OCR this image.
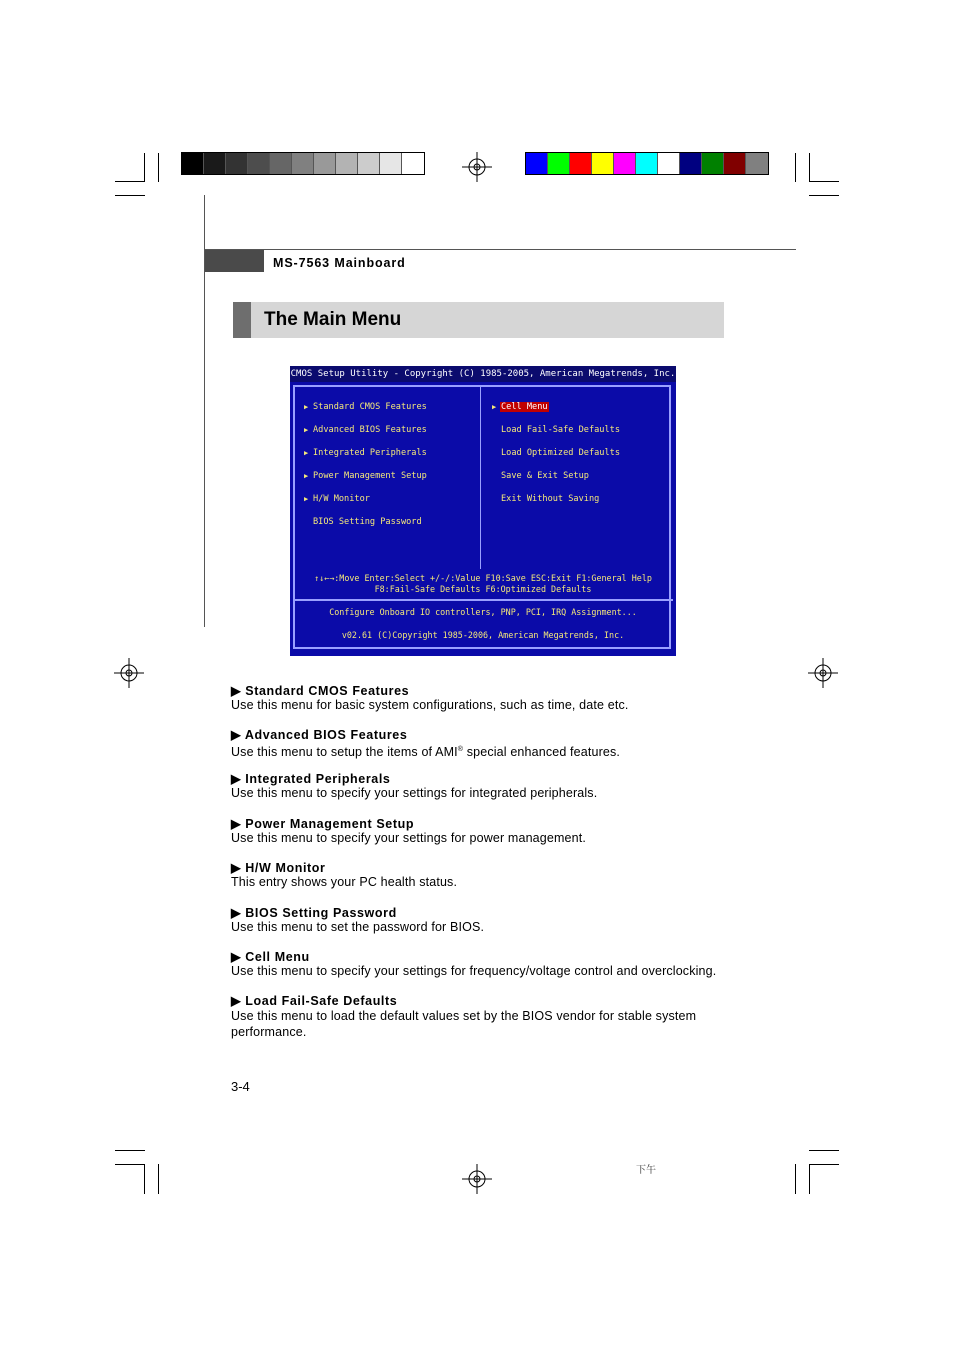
MS-7563 Mainboard
The Main Menu
CMOS Setup Utility - Copyright (C) 1985-2005, American Megatrends, Inc.
▶ Standard CMOS Features
▶ Advanced BIOS Features
▶ Integrated Peripherals
▶ Power Management Setup
▶ H/W Monitor
BIOS Setting Password
▶ Cell Menu
Load Fail-Safe Defaults
Load Optimized Defaults
Save & Exit Setup
Exit Without Saving
↑↓←→:Move Enter:Select +/-/:Value F10:Save ESC:Exit F1:General Help
F8:Fail-Safe Defaults F6:Optimized Defaults
Configure Onboard IO controllers, PNP, PCI, IRQ Assignment...
v02.61 (C)Copyright 1985-2006, American Megatrends, Inc.
▶ Standard CMOS Features
Use this menu for basic system configurations, such as time, date etc.
▶ Advanced BIOS Features
Use this menu to setup the items of AMI® special enhanced features.
▶ Integrated Peripherals
Use this menu to specify your settings for integrated peripherals.
▶ Power Management Setup
Use this menu to specify your settings for power management.
▶ H/W Monitor
This entry shows your PC health status.
▶ BIOS Setting Password
Use this menu to set the password for BIOS.
▶ Cell Menu
Use this menu to specify your settings for frequency/voltage control and overclocking.
▶ Load Fail-Safe Defaults
Use this menu to load the default values set by the BIOS vendor for stable system performance.
3-4
下午
